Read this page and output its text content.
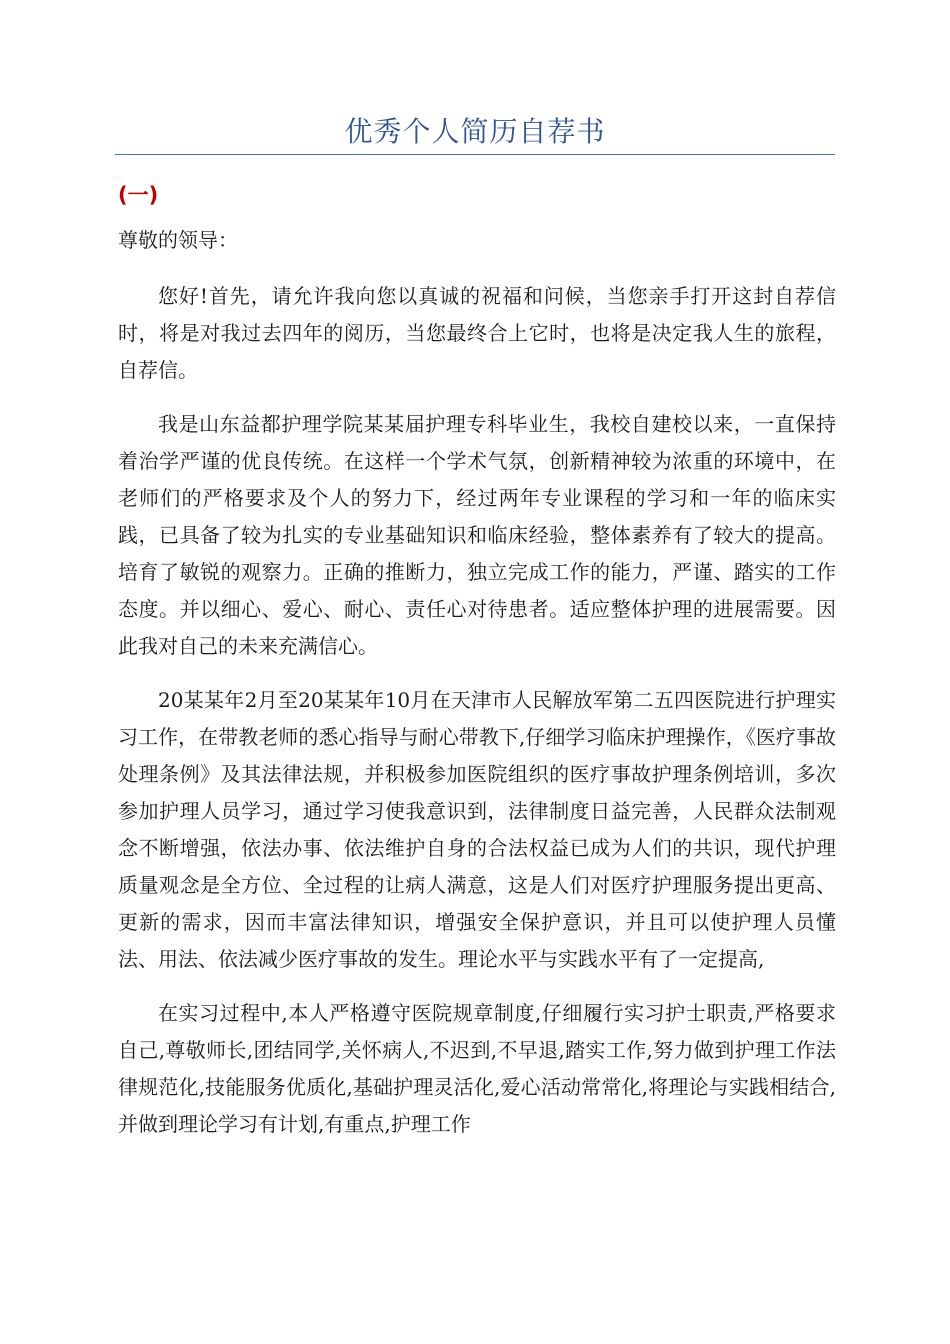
优秀个人简历自荐书
(一)

尊敬的领导：

您好!首先，请允许我向您以真诚的祝福和问候，当您亲手打开这封自荐信时，将是对我过去四年的阅历，当您最终合上它时，也将是决定我人生的旅程，自荐信。

我是山东益都护理学院某某届护理专科毕业生，我校自建校以来，一直保持着治学严谨的优良传统。在这样一个学术气氛，创新精神较为浓重的环境中，在老师们的严格要求及个人的努力下，经过两年专业课程的学习和一年的临床实践，已具备了较为扎实的专业基础知识和临床经验，整体素养有了较大的提高。培育了敏锐的观察力。正确的推断力，独立完成工作的能力，严谨、踏实的工作态度。并以细心、爱心、耐心、责任心对待患者。适应整体护理的进展需要。因此我对自己的未来充满信心。

20某某年2月至20某某年10月在天津市人民解放军第二五四医院进行护理实习工作，在带教老师的悉心指导与耐心带教下,仔细学习临床护理操作，《医疗事故处理条例》及其法律法规，并积极参加医院组织的医疗事故护理条例培训，多次参加护理人员学习，通过学习使我意识到，法律制度日益完善，人民群众法制观念不断增强，依法办事、依法维护自身的合法权益已成为人们的共识，现代护理质量观念是全方位、全过程的让病人满意，这是人们对医疗护理服务提出更高、更新的需求，因而丰富法律知识，增强安全保护意识，并且可以使护理人员懂法、用法、依法减少医疗事故的发生。理论水平与实践水平有了一定提高,

在实习过程中,本人严格遵守医院规章制度,仔细履行实习护士职责,严格要求自己,尊敬师长,团结同学,关怀病人,不迟到,不早退,踏实工作,努力做到护理工作法律规范化,技能服务优质化,基础护理灵活化,爱心活动常常化,将理论与实践相结合,并做到理论学习有计划,有重点,护理工作
